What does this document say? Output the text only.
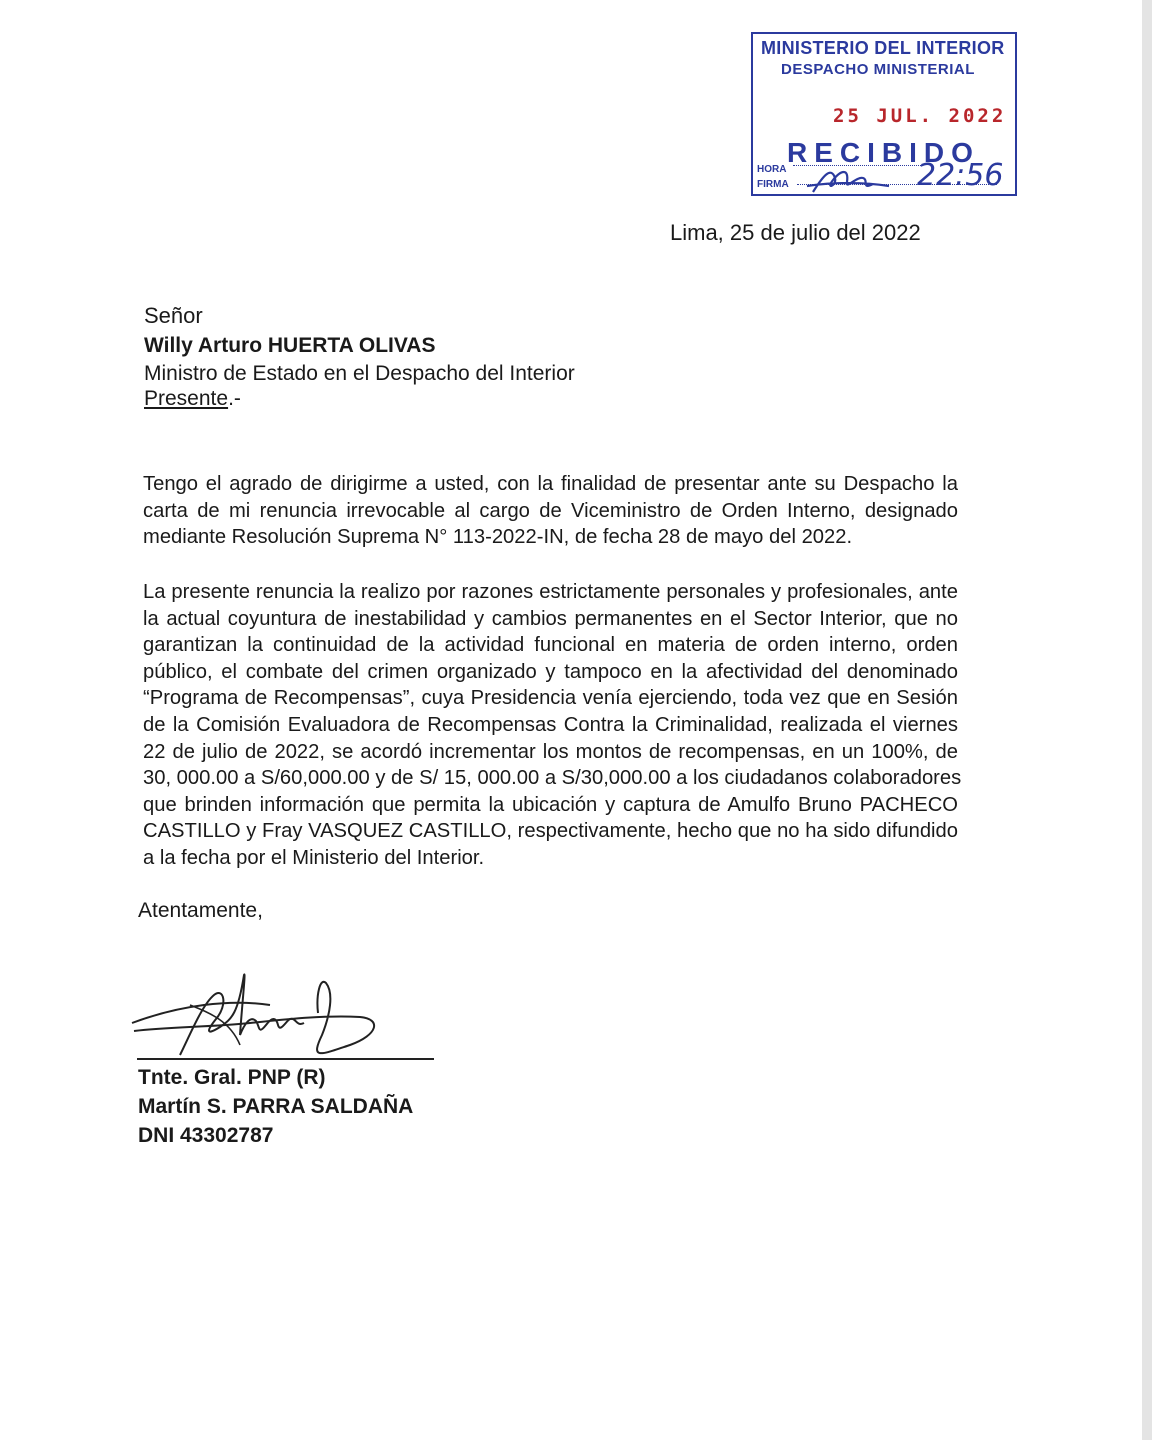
MINISTERIO DEL INTERIOR
DESPACHO MINISTERIAL
25 JUL. 2022
RECIBIDO
HORA
FIRMA	22:56
Lima, 25 de julio del 2022
Señor
Willy Arturo HUERTA OLIVAS
Ministro de Estado en el Despacho del Interior
Presente.-
Tengo el agrado de dirigirme a usted, con la finalidad de presentar ante su Despacho la
carta de mi renuncia irrevocable al cargo de Viceministro de Orden Interno, designado
mediante Resolución Suprema N° 113-2022-IN, de fecha 28 de mayo del 2022.
La presente renuncia la realizo por razones estrictamente personales y profesionales, ante
la actual coyuntura de inestabilidad y cambios permanentes en el Sector Interior, que no
garantizan la continuidad de la actividad funcional en materia de orden interno, orden
público, el combate del crimen organizado y tampoco en la afectividad del denominado
“Programa de Recompensas”, cuya Presidencia venía ejerciendo, toda vez que en Sesión
de la Comisión Evaluadora de Recompensas Contra la Criminalidad, realizada el viernes
22 de julio de 2022, se acordó incrementar los montos de recompensas, en un 100%, de
30, 000.00 a S/60,000.00 y de S/ 15, 000.00 a S/30,000.00 a los ciudadanos colaboradores
que brinden información que permita la ubicación y captura de Amulfo Bruno PACHECO
CASTILLO y Fray VASQUEZ CASTILLO, respectivamente, hecho que no ha sido difundido
a la fecha por el Ministerio del Interior.
Atentamente,
Tnte. Gral. PNP (R)
Martín S. PARRA SALDAÑA
DNI 43302787
